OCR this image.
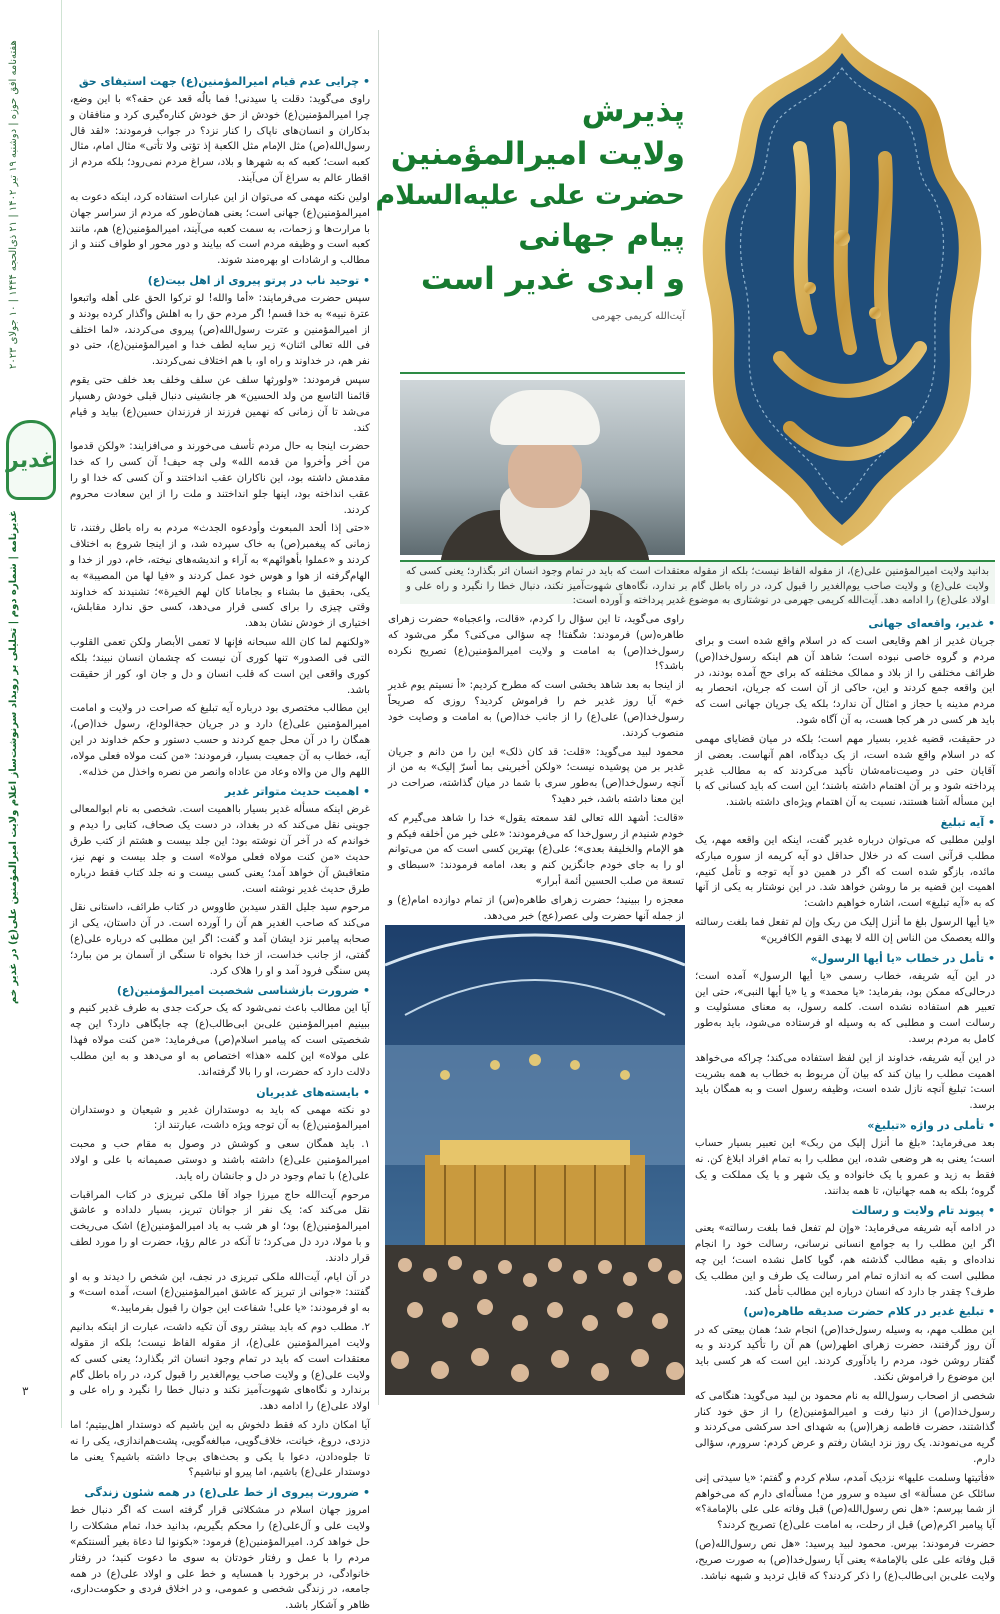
هفته‌نامه افق حوزه | دوشنبه ۱۹ تیر ۱۴۰۲ | ۲۱ ذی‌الحجه ۱۴۴۴ | ۱۰ جولای ۲۰۲۳
غدیر
غدیرنامه | شماره دوم | تحلیلی بر رویداد سرنوشت‌ساز اعلام ولایت امیرالمؤمنین علی(ع) در غدیر خم
۳
• چرایی عدم قیام امیرالمؤمنین(ع) جهت استیفای حق

راوی می‌گوید: دقلت یا سیدنی! فما بالُه قعد عن حقه؟» با این وضع، چرا امیرالمؤمنین(ع) خودش از حق خودش کناره‌گیری کرد و منافقان و بدکاران و انسان‌های ناپاک را کنار نزد؟ در جواب فرمودند: «لقد قال رسول‌الله(ص) مثل الإمام مثل الکعبة إذ تؤتی ولا تأتی» مثال امام، مثال کعبه است؛ کعبه که به شهرها و بلاد، سراغ مردم نمی‌رود؛ بلکه مردم از اقطار عالم به سراغ آن می‌آیند.

اولین نکته مهمی که می‌توان از این عبارات استفاده کرد، اینکه دعوت به امیرالمؤمنین(ع) جهانی است؛ یعنی همان‌طور که مردم از سراسر جهان با مرارت‌ها و زحمات، به سمت کعبه می‌آیند، امیرالمؤمنین(ع) هم، مانند کعبه است و وظیفه مردم است که بیایند و دور محور او طواف کنند و از مطالب و ارشادات او بهره‌مند شوند.

• توحید ناب در پرتو پیروی از اهل بیت(ع)

سپس حضرت می‌فرمایند: «أما والله! لو ترکوا الحق علی أهله واتبعوا عترة نبیه» به خدا قسم! اگر مردم حق را به اهلش واگذار کرده بودند و از امیرالمؤمنین و عترت رسول‌الله(ص) پیروی می‌کردند، «لما اختلف فی الله تعالی اثنان» زیر سایه لطف خدا و امیرالمؤمنین(ع)، حتی دو نفر هم، در خداوند و راه او، با هم اختلاف نمی‌کردند.

سپس فرمودند: «ولورثها سلف عن سلف وخلف بعد خلف حتی یقوم قائمنا التاسع من ولد الحسین» هر جانشینی دنبال قبلی خودش رهسپار می‌شد تا آن زمانی که نهمین فرزند از فرزندان حسین(ع) بیاید و قیام کند.

حضرت اینجا به حال مردم تأسف می‌خورند و می‌افزایند: «ولکن قدموا من أخر وأخروا من قدمه الله» ولی چه حیف! آن کسی را که خدا مقدمش داشته بود، این ناکاران عقب انداختند و آن کسی که خدا او را عقب انداخته بود، اینها جلو انداختند و ملت را از این سعادت محروم کردند.

«حتی إذا ألحد المبعوث وأودعوه الجدث» مردم به راه باطل رفتند، تا زمانی که پیغمبر(ص) به خاک سپرده شد، و از اینجا شروع به اختلاف کردند و «عملوا بأهوائهم» به آراء و اندیشه‌های نیخته، خام، دور از خدا و الهام‌گرفته از هوا و هوس خود عمل کردند و «فیا لها من المصیبة» به یکی، بحقیق ما بشناء و بجامانا کان لهم الخیرة»؛ تشنیدند که خداوند وقتی چیزی را برای کسی قرار می‌دهد، کسی حق ندارد مقابلش، اختیاری از خودش نشان بدهد.

«ولکنهم لما کان الله سبحانه فإنها لا تعمی الأبصار ولکن تعمی القلوب التی فی الصدور» تنها کوری آن نیست که چشمان انسان نبیند؛ بلکه کوری واقعی این است که قلب انسان و دل و جان او، کور از حقیقت باشد.

این مطالب مختصری بود درباره آیه تبلیغ که صراحت در ولایت و امامت امیرالمؤمنین علی(ع) دارد و در جریان حجة‌الوداع، رسول خدا(ص)، همگان را در آن محل جمع کردند و حسب دستور و حکم خداوند در این آیه، خطاب به آن جمعیت بسیار، فرمودند: «من کنت مولاه فعلی مولاه، اللهم وال من والاه وعاد من عاداه وانصر من نصره واخذل من خذله».

• اهمیت حدیث متواتر غدیر

غرض اینکه مسأله غدیر بسیار بااهمیت است. شخصی به نام ابوالمعالی جوینی نقل می‌کند که در بغداد، در دست یک صحاف، کتابی را دیدم و خواندم که در آخر آن نوشته بود: این جلد بیست و هشتم از کتب طرق حدیث «من کنت مولاه فعلی مولاه» است و جلد بیست و نهم نیز، متعاقبش آن خواهد آمد؛ یعنی کسی بیست و نه جلد کتاب فقط درباره طرق حدیث غدیر نوشته است.

مرحوم سید جلیل القدر سیدبن طاووس در کتاب طرائف، داستانی نقل می‌کند که صاحب الغدیر هم آن را آورده است. در آن داستان، یکی از صحابه پیامبر نزد ایشان آمد و گفت: اگر این مطلبی که درباره علی(ع) گفتی، از جانب خداست، از خدا بخواه تا سنگی از آسمان بر من ببارد؛ پس سنگی فرود آمد و او را هلاک کرد.

• ضرورت بازشناسی شخصیت امیرالمؤمنین(ع)

آیا این مطالب باعث نمی‌شود که یک حرکت جدی به طرف غدیر کنیم و ببینیم امیرالمؤمنین علی‌بن ابی‌طالب(ع) چه جایگاهی دارد؟ این چه شخصیتی است که پیامبر اسلام(ص) می‌فرماید: «من کنت مولاه فهذا علی مولاه» این کلمه «هذا» اختصاص به او می‌دهد و به این مطلب دلالت دارد که حضرت، او را بالا گرفته‌اند.

• بایسته‌های غدیریان

دو نکته مهمی که باید به دوستداران غدیر و شیعیان و دوستداران امیرالمؤمنین(ع) به آن توجه ویژه داشت، عبارتند از:

۱. باید همگان سعی و کوشش در وصول به مقام حب و محبت امیرالمؤمنین علی(ع) داشته باشند و دوستی صمیمانه با علی و اولاد علی(ع) با تمام وجود در دل و جانشان راه یابد.

مرحوم آیت‌الله حاج میرزا جواد آقا ملکی تبریزی در کتاب المراقبات نقل می‌کند که: یک نفر از جوانان تبریز، بسیار دلداده و عاشق امیرالمؤمنین(ع) بود؛ او هر شب به یاد امیرالمؤمنین(ع) اشک می‌ریخت و با مولا، درد دل می‌کرد؛ تا آنکه در عالم رؤیا، حضرت او را مورد لطف قرار دادند.

در آن ایام، آیت‌الله ملکی تبریزی در نجف، این شخص را دیدند و به او گفتند: «جوانی از تبریز که عاشق امیرالمؤمنین(ع) است، آمده است» و به او فرمودند: «یا علی! شفاعت این جوان را قبول بفرمایید.»

۲. مطلب دوم که باید بیشتر روی آن تکیه داشت، عبارت از اینکه بدانیم ولایت امیرالمؤمنین علی(ع)، از مقوله الفاظ نیست؛ بلکه از مقوله معتقدات است که باید در تمام وجود انسان اثر بگذارد؛ یعنی کسی که ولایت علی(ع) و ولایت صاحب یوم‌الغدیر را قبول کرد، در راه باطل گام برندارد و نگاه‌های شهوت‌آمیز نکند و دنبال خطا را نگیرد و راه علی و اولاد علی(ع) را ادامه دهد.

آیا امکان دارد که فقط دلخوش به این باشیم که دوستدار اهل‌بیتیم؛ اما دزدی، دروغ، خیانت، خلاف‌گویی، مبالغه‌گویی، پشت‌هم‌اندازی، یکی را نه تا جلوه‌دادن، دعوا با یکی و بحث‌های بی‌جا داشته باشیم؟ یعنی ما دوستدار علی(ع) باشیم، اما پیرو او نباشیم؟

• ضرورت پیروی از خط علی(ع) در همه شئون زندگی

امروز جهان اسلام در مشکلاتی قرار گرفته است که اگر دنبال خط ولایت علی و آل‌علی(ع) را محکم بگیریم، بدانید خدا، تمام مشکلات را حل خواهد کرد. امیرالمؤمنین(ع) فرمود: «بکونوا لنا دعاة بغیر ألسنتکم» مردم را با عمل و رفتار خودتان به سوی ما دعوت کنید؛ در رفتار خانوادگی، در برخورد با همسایه و خط علی و اولاد علی(ع) در همه جامعه، در زندگی شخصی و عمومی، و در اخلاق فردی و حکومت‌داری، ظاهر و آشکار باشد.

پذیرش
ولایت امیرالمؤمنین
حضرت علی علیه‌السلام
پیام جهانی
و ابدی غدیر است
آیت‌الله کریمی جهرمی
بدانید ولایت امیرالمؤمنین علی(ع)، از مقوله الفاظ نیست؛ بلکه از مقوله معتقدات است که باید در تمام وجود انسان اثر بگذارد؛ یعنی کسی که ولایت علی(ع) و ولایت صاحب یوم‌الغدیر را قبول کرد، در راه باطل گام بر ندارد، نگاه‌های شهوت‌آمیز نکند، دنبال خطا را نگیرد و راه علی و اولاد علی(ع) را ادامه دهد. آیت‌الله کریمی جهرمی در نوشتاری به موضوع غدیر پرداخته و آورده است:

راوی می‌گوید، تا این سؤال را کردم، «قالت، واعجباه» حضرت زهرای طاهره(س) فرمودند: شگفتا! چه سؤالی می‌کنی؟ مگر می‌شود که رسول‌خدا(ص) به امامت و ولایت امیرالمؤمنین(ع) تصریح نکرده باشد؟!

از اینجا به بعد شاهد بخشی است که مطرح کردیم: «أ نسیتم یوم غدیر خم» آیا روز غدیر خم را فراموش کردید؟ روزی که صریحاً رسول‌خدا(ص) علی(ع) را از جانب خدا(ص) به امامت و وصایت خود منصوب کردند.

محمود لبید می‌گوید: «قلت: قد کان ذلک» این را من دانم و جریان غدیر بر من پوشیده نیست؛ «ولکن أخبرینی بما أسرّ إلیک» به من از آنچه رسول‌خدا(ص) به‌طور سری با شما در میان گذاشته، صراحت در این معنا داشته باشد، خبر دهید؟

«قالت: أشهد الله تعالی لقد سمعته یقول» خدا را شاهد می‌گیرم که خودم شنیدم از رسول‌خدا که می‌فرمودند: «علی خیر من أخلفه فیکم و هو الإمام والخلیفة بعدی»؛ علی(ع) بهترین کسی است که من می‌توانم او را به جای خودم جانگزین کنم و بعد، امامه فرمودند: «سبطای و تسعة من صلب الحسین أئمة أبرار»

معجزه را ببینید؛ حضرت زهرای طاهره(س) از تمام دوازده امام(ع) و از جمله آنها حضرت ولی عصر(عج) خبر می‌دهد.

•

• غدیر، واقعه‌ای جهانی

جریان غدیر از اهم وقایعی است که در اسلام واقع شده است و برای مردم و گروه خاصی نبوده است؛ شاهد آن هم اینکه رسول‌خدا(ص) ظرائف مختلفی را از بلاد و ممالک مختلفه که برای حج آمده بودند، در این واقعه جمع کردند و این، حاکی از آن است که جریان، انحصار به مردم مدینه یا حجاز و امثال آن ندارد؛ بلکه یک جریان جهانی است که باید هر کسی در هر کجا هست، به آن آگاه شود.

در حقیقت، قضیه غدیر، بسیار مهم است؛ بلکه در میان قضایای مهمی که در اسلام واقع شده است، از یک دیدگاه، اهم آنهاست. بعضی از آقایان حتی در وصیت‌نامه‌شان تأکید می‌کردند که به مطالب غدیر پرداخته شود و بر آن اهتمام داشته باشند؛ این است که باید کسانی که با این مسأله آشنا هستند، نسبت به آن اهتمام ویژه‌ای داشته باشند.

• آیه تبلیغ

اولین مطلبی که می‌توان درباره غدیر گفت، اینکه این واقعه مهم، یک مطلب قرآنی است که در خلال حداقل دو آیه کریمه از سوره مبارکه مائده، بازگو شده است که اگر در همین دو آیه توجه و تأمل کنیم، اهمیت این قضیه بر ما روشن خواهد شد. در این نوشتار به یکی از آنها که به «آیه تبلیغ» است، اشاره خواهیم داشت:

«یا أیها الرسول بلغ ما أنزل إلیک من ربک وإن لم تفعل فما بلغت رسالته والله یعصمک من الناس إن الله لا یهدی القوم الکافرین»

• تأمل در خطاب «یا أیها الرسول»

در این آیه شریفه، خطاب رسمی «یا أیها الرسول» آمده است؛ درحالی‌که ممکن بود، بفرماید: «یا محمد» و یا «یا أیها النبی»، حتی این تعبیر هم استفاده نشده است. کلمه رسول، به معنای مسئولیت و رسالت است و مطلبی که به وسیله او فرستاده می‌شود، باید به‌طور کامل به مردم برسد.

در این آیه شریفه، خداوند از این لفظ استفاده می‌کند؛ چراکه می‌خواهد اهمیت مطلب را بیان کند که بیان آن مربوط به خطاب به همه بشریت است: تبلیغ آنچه نازل شده است، وظیفه رسول است و به همگان باید برسد.

• تأملی در واژه «تبلیغ»

بعد می‌فرماید: «بلغ ما أنزل إلیک من ربک» این تعبیر بسیار حساب است؛ یعنی به هر وضعی شده، این مطلب را به تمام افراد ابلاغ کن. نه فقط به زید و عمرو یا یک خانواده و یک شهر و یا یک مملکت و یک گروه؛ بلکه به همه جهانیان، تا همه بدانند.

• پیوند تام ولایت و رسالت

در ادامه آیه شریفه می‌فرماید: «وإن لم تفعل فما بلغت رسالته» یعنی اگر این مطلب را به جوامع انسانی نرسانی، رسالت خود را انجام نداده‌ای و بقیه مطالب گذشته هم، گویا کامل نشده است؛ این چه مطلبی است که به اندازه تمام امر رسالت یک طرف و این مطلب یک طرف؟ چقدر جا دارد که انسان درباره این مطالب تأمل کند.

• تبلیغ غدیر در کلام حضرت صدیقه طاهره(س)

این مطلب مهم، به وسیله رسول‌خدا(ص) انجام شد؛ همان بیعتی که در آن روز گرفتند، حضرت زهرای اطهر(س) هم آن را تأکید کردند و به گفتار روشن خود، مردم را یادآوری کردند. این است که هر کسی باید این موضوع را فراموش نکند.

شخصی از اصحاب رسول‌الله به نام محمود بن لبید می‌گوید: هنگامی که رسول‌خدا(ص) از دنیا رفت و امیرالمؤمنین(ع) را از حق خود کنار گذاشتند، حضرت فاطمه زهرا(س) به شهدای احد سرکشی می‌کردند و گریه می‌نمودند. یک روز نزد ایشان رفتم و عرض کردم: سرورم، سؤالی دارم.

«فأتیتها وسلمت علیها» نزدیک آمدم، سلام کردم و گفتم: «یا سیدتی إنی سائلک عن مسألة» ای سیده و سرور من! مسأله‌ای دارم که می‌خواهم از شما بپرسم: «هل نص رسول‌الله(ص) قبل وفاته علی علی بالإمامة؟» آیا پیامبر اکرم(ص) قبل از رحلت، به امامت علی(ع) تصریح کردند؟

حضرت فرمودند: بپرس. محمود لبید پرسید: «هل نص رسول‌الله(ص) قبل وفاته علی علی بالإمامة» یعنی آیا رسول‌خدا(ص) به صورت صریح، ولایت علی‌بن ابی‌طالب(ع) را ذکر کردند؟ که قابل تردید و شبهه نباشد.
